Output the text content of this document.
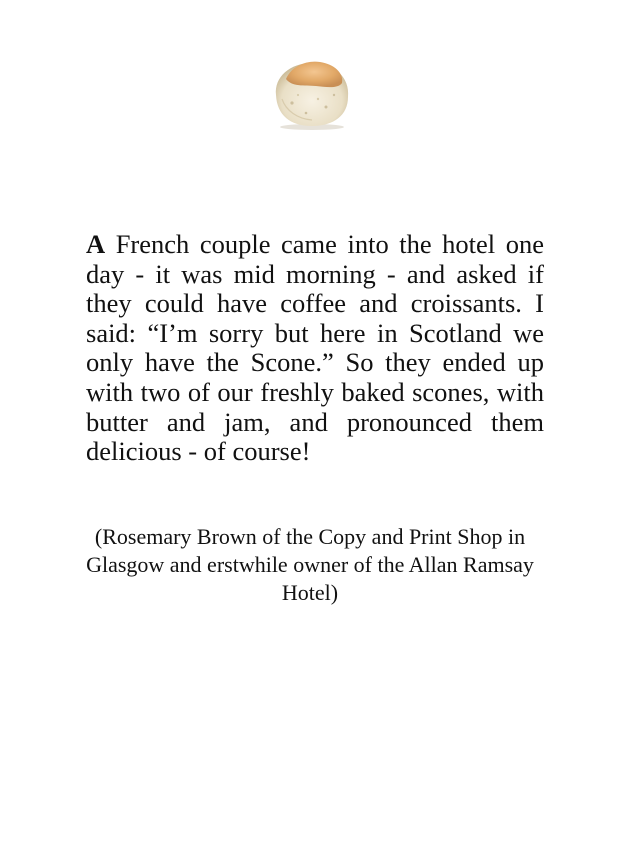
A French couple came into the hotel one day - it was mid morning - and asked if they could have coffee and croissants. I said: “I’m sorry but here in Scotland we only have the Scone.” So they ended up with two of our freshly baked scones, with butter and jam, and pronounced them delicious - of course!

(Rosemary Brown of the Copy and Print Shop in Glasgow and erstwhile owner of the Allan Ramsay Hotel)
